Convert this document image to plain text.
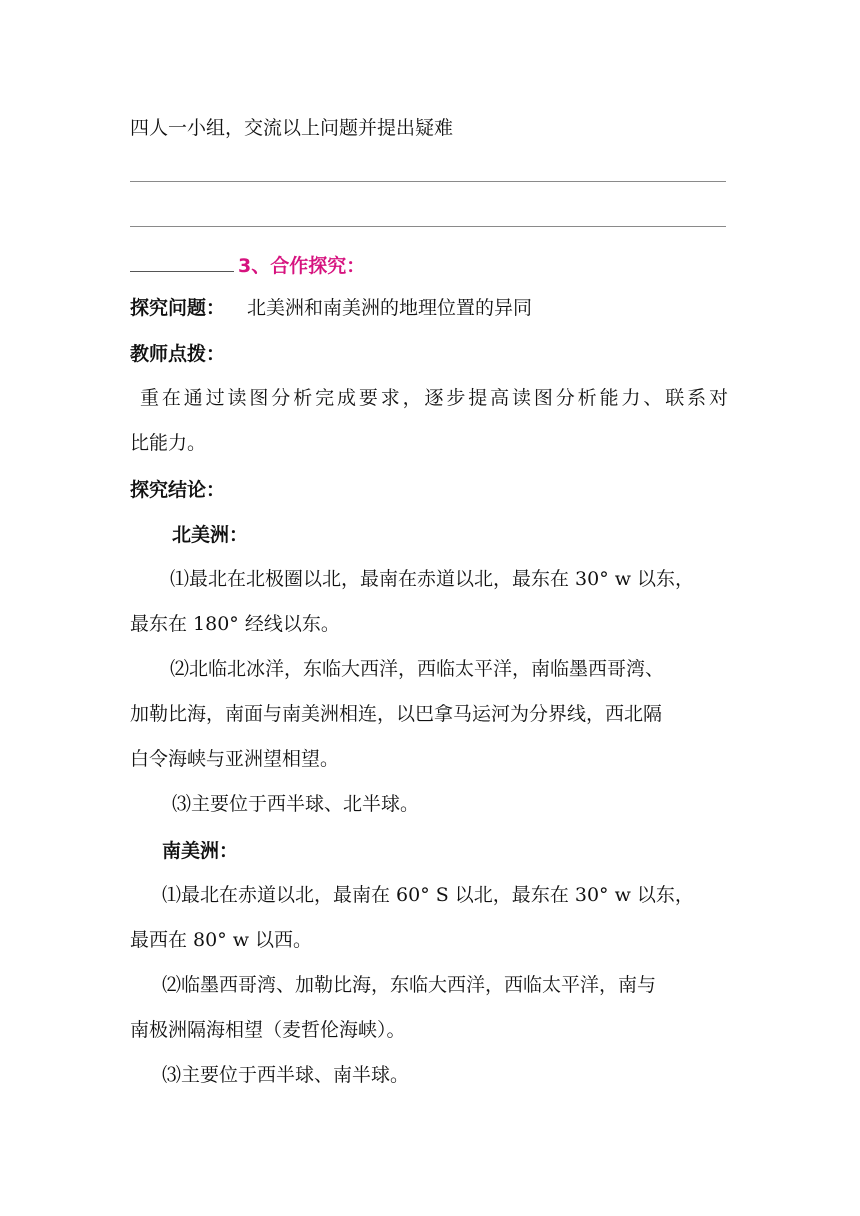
四人一小组，交流以上问题并提出疑难
3、合作探究：
探究问题： 北美洲和南美洲的地理位置的异同
教师点拨：
重在通过读图分析完成要求，逐步提高读图分析能力、联系对
比能力。
探究结论：
北美洲：
⑴最北在北极圈以北，最南在赤道以北，最东在 30° w 以东，
最东在 180° 经线以东。
⑵北临北冰洋，东临大西洋，西临太平洋，南临墨西哥湾、
加勒比海，南面与南美洲相连，以巴拿马运河为分界线，西北隔
白令海峡与亚洲望相望。
⑶主要位于西半球、北半球。
南美洲：
⑴最北在赤道以北，最南在 60° S 以北，最东在 30° w 以东，
最西在 80° w 以西。
⑵临墨西哥湾、加勒比海，东临大西洋，西临太平洋，南与
南极洲隔海相望（麦哲伦海峡）。
⑶主要位于西半球、南半球。
